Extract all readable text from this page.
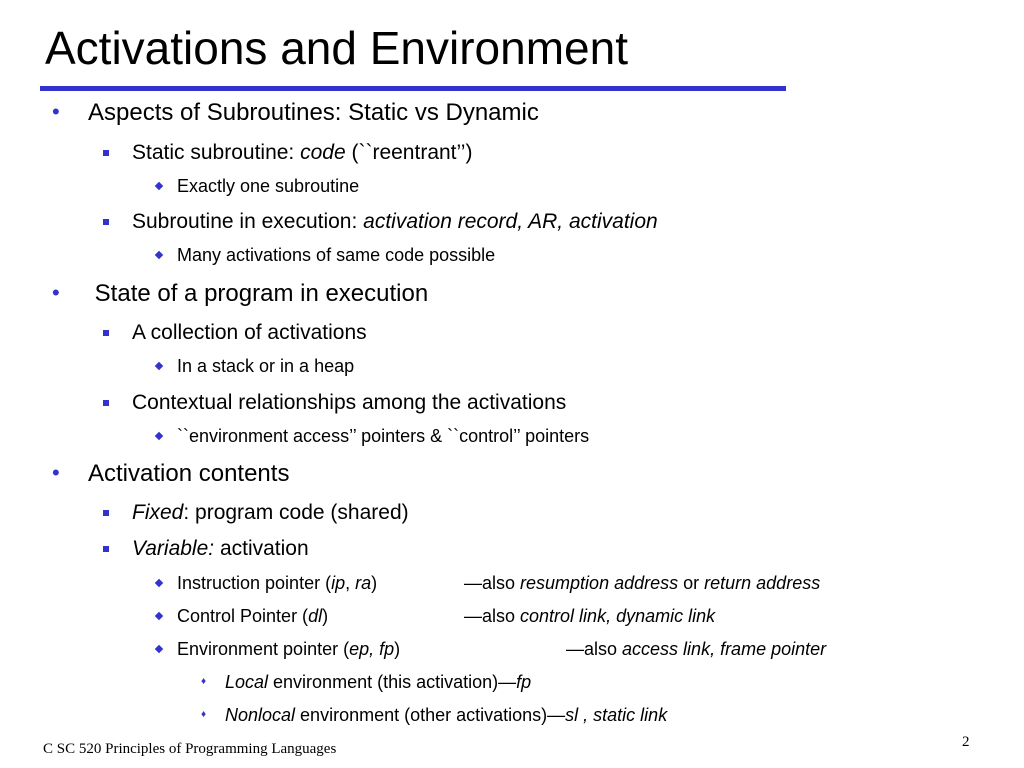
Activations and Environment
• Aspects of Subroutines: Static vs Dynamic
Static subroutine: code (``reentrant’’)
Exactly one subroutine
Subroutine in execution: activation record, AR, activation
Many activations of same code possible
• State of a program in execution
A collection of activations
In a stack or in a heap
Contextual relationships among the activations
``environment access’’ pointers & ``control’’ pointers
• Activation contents
Fixed: program code (shared)
Variable: activation
Instruction pointer (ip, ra)	—also resumption address or return address
Control Pointer (dl)	—also control link, dynamic link
Environment pointer (ep, fp)	—also access link, frame pointer
♦ Local environment (this activation)—fp
♦ Nonlocal environment (other activations)—sl , static link
C SC 520 Principles of Programming Languages	2
